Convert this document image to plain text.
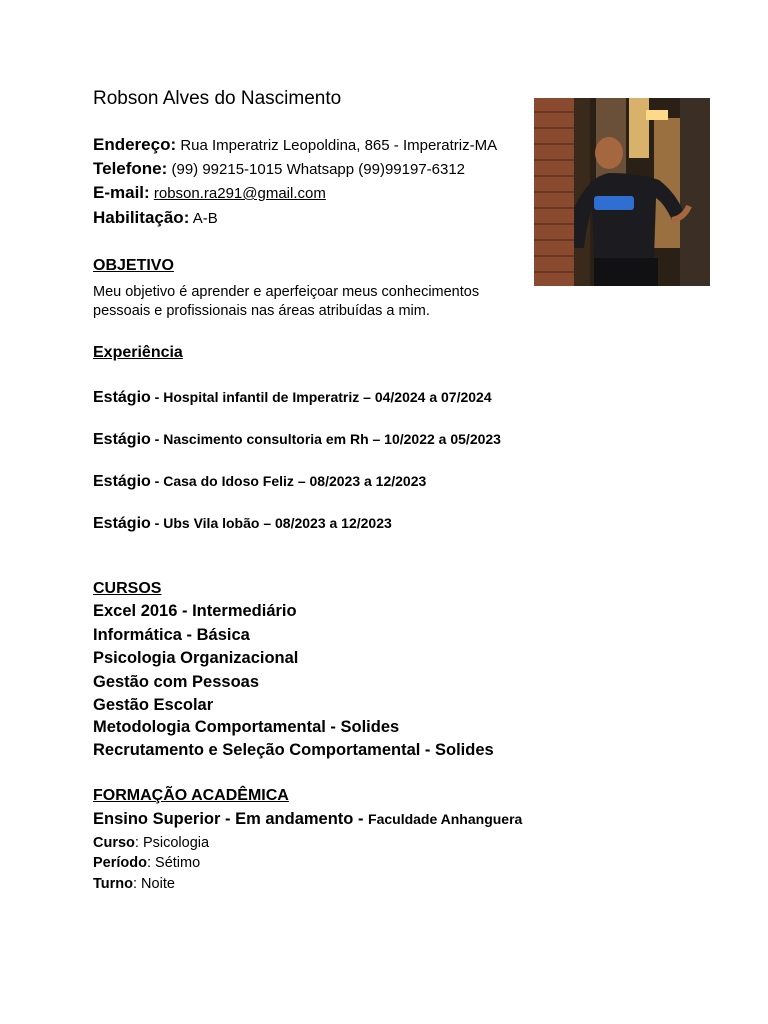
Robson Alves do Nascimento
Endereço: Rua Imperatriz Leopoldina, 865 - Imperatriz-MA
Telefone: (99) 99215-1015 Whatsapp (99)99197-6312
E-mail: robson.ra291@gmail.com
Habilitação: A-B
OBJETIVO
Meu objetivo é aprender e aperfeiçoar meus conhecimentos
pessoais e profissionais nas áreas atribuídas a mim.
Experiência
Estágio - Hospital infantil de Imperatriz – 04/2024 a 07/2024
Estágio - Nascimento consultoria em Rh – 10/2022 a 05/2023
Estágio - Casa do Idoso Feliz – 08/2023 a 12/2023
Estágio - Ubs Vila lobão – 08/2023 a 12/2023
CURSOS
Excel 2016 - Intermediário
Informática - Básica
Psicologia Organizacional
Gestão com Pessoas
Gestão Escolar
Metodologia Comportamental - Solides
Recrutamento e Seleção Comportamental - Solides
FORMAÇÃO ACADÊMICA
Ensino Superior - Em andamento - Faculdade Anhanguera
Curso: Psicologia
Período: Sétimo
Turno: Noite
